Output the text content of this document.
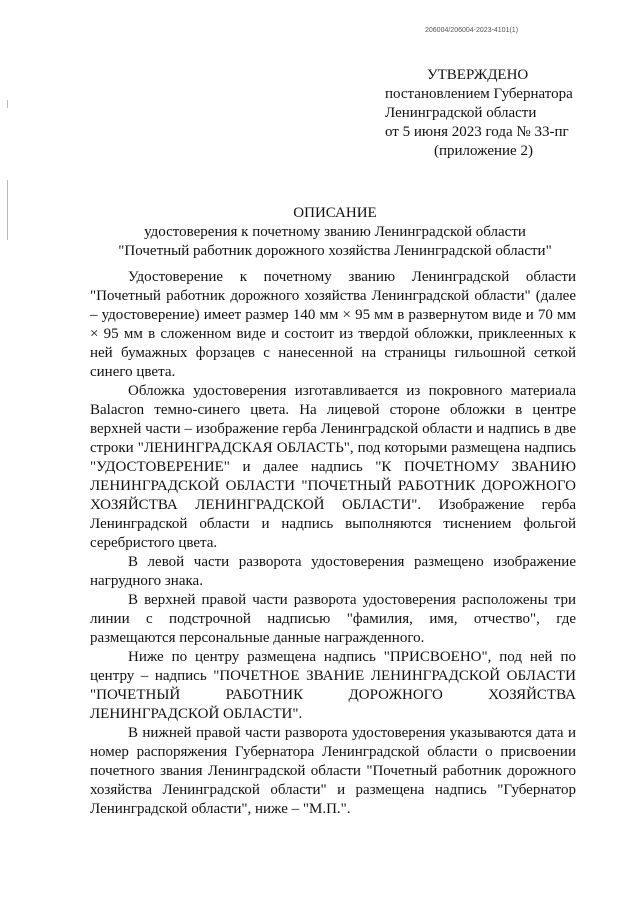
206004/206004-2023-4101(1)
УТВЕРЖДЕНО
постановлением Губернатора
Ленинградской области
от 5 июня 2023 года № 33-пг
(приложение 2)
ОПИСАНИЕ
удостоверения к почетному званию Ленинградской области
"Почетный работник дорожного хозяйства Ленинградской области"

Удостоверение к почетному званию Ленинградской области "Почетный работник дорожного хозяйства Ленинградской области" (далее – удостоверение) имеет размер 140 мм × 95 мм в развернутом виде и 70 мм × 95 мм в сложенном виде и состоит из твердой обложки, приклеенных к ней бумажных форзацев с нанесенной на страницы гильошной сеткой синего цвета.

Обложка удостоверения изготавливается из покровного материала Balacron темно-синего цвета. На лицевой стороне обложки в центре верхней части – изображение герба Ленинградской области и надпись в две строки "ЛЕНИНГРАДСКАЯ ОБЛАСТЬ", под которыми размещена надпись "УДОСТОВЕРЕНИЕ" и далее надпись "К ПОЧЕТНОМУ ЗВАНИЮ ЛЕНИНГРАДСКОЙ ОБЛАСТИ "ПОЧЕТНЫЙ РАБОТНИК ДОРОЖНОГО ХОЗЯЙСТВА ЛЕНИНГРАДСКОЙ ОБЛАСТИ". Изображение герба Ленинградской области и надпись выполняются тиснением фольгой серебристого цвета.

В левой части разворота удостоверения размещено изображение нагрудного знака.

В верхней правой части разворота удостоверения расположены три линии с подстрочной надписью "фамилия, имя, отчество", где размещаются персональные данные награжденного.

Ниже по центру размещена надпись "ПРИСВОЕНО", под ней по центру – надпись "ПОЧЕТНОЕ ЗВАНИЕ ЛЕНИНГРАДСКОЙ ОБЛАСТИ "ПОЧЕТНЫЙ РАБОТНИК ДОРОЖНОГО ХОЗЯЙСТВА ЛЕНИНГРАДСКОЙ ОБЛАСТИ".

В нижней правой части разворота удостоверения указываются дата и номер распоряжения Губернатора Ленинградской области о присвоении почетного звания Ленинградской области "Почетный работник дорожного хозяйства Ленинградской области" и размещена надпись "Губернатор Ленинградской области", ниже – "М.П.".
